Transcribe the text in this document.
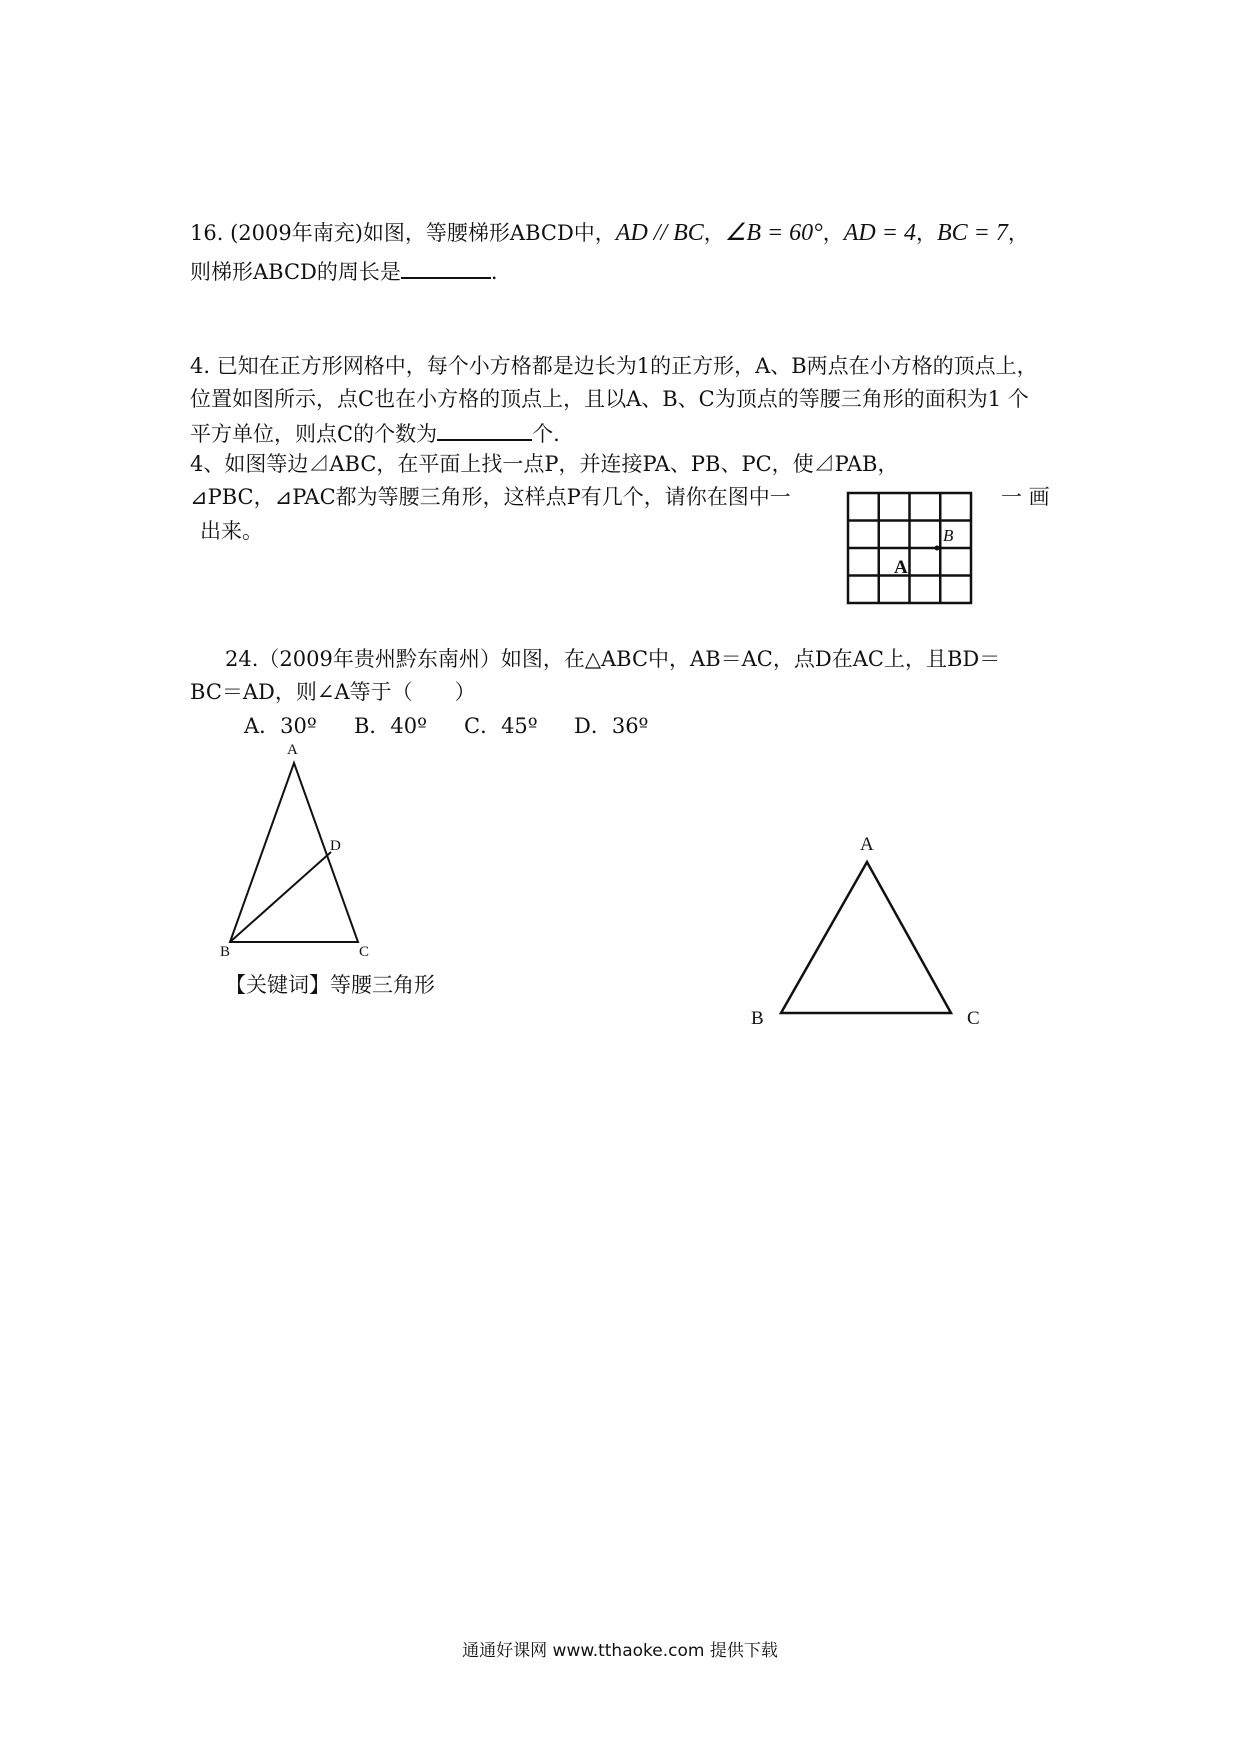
16. (2009年南充)如图，等腰梯形ABCD中，AD // BC，∠B = 60°，AD = 4，BC = 7，
则梯形ABCD的周长是	.
4. 已知在正方形网格中，每个小方格都是边长为1的正方形，A、B两点在小方格的顶点上，
位置如图所示，点C也在小方格的顶点上，且以A、B、C为顶点的等腰三角形的面积为1 个
平方单位，则点C的个数为	个.
4、如图等边⊿ABC，在平面上找一点P，并连接PA、PB、PC，使⊿PAB，
⊿PBC，⊿PAC都为等腰三角形，这样点P有几个，请你在图中一	一 画
出来。	B
A
24.（2009年贵州黔东南州）如图，在△ABC中，AB＝AC，点D在AC上，且BD＝
BC＝AD，则∠A等于（　　）
A．30º B．40º C．45º D．36º
A
D
B	C
【关键词】等腰三角形
A
B	C
通通好课网 www.tthaoke.com 提供下载
